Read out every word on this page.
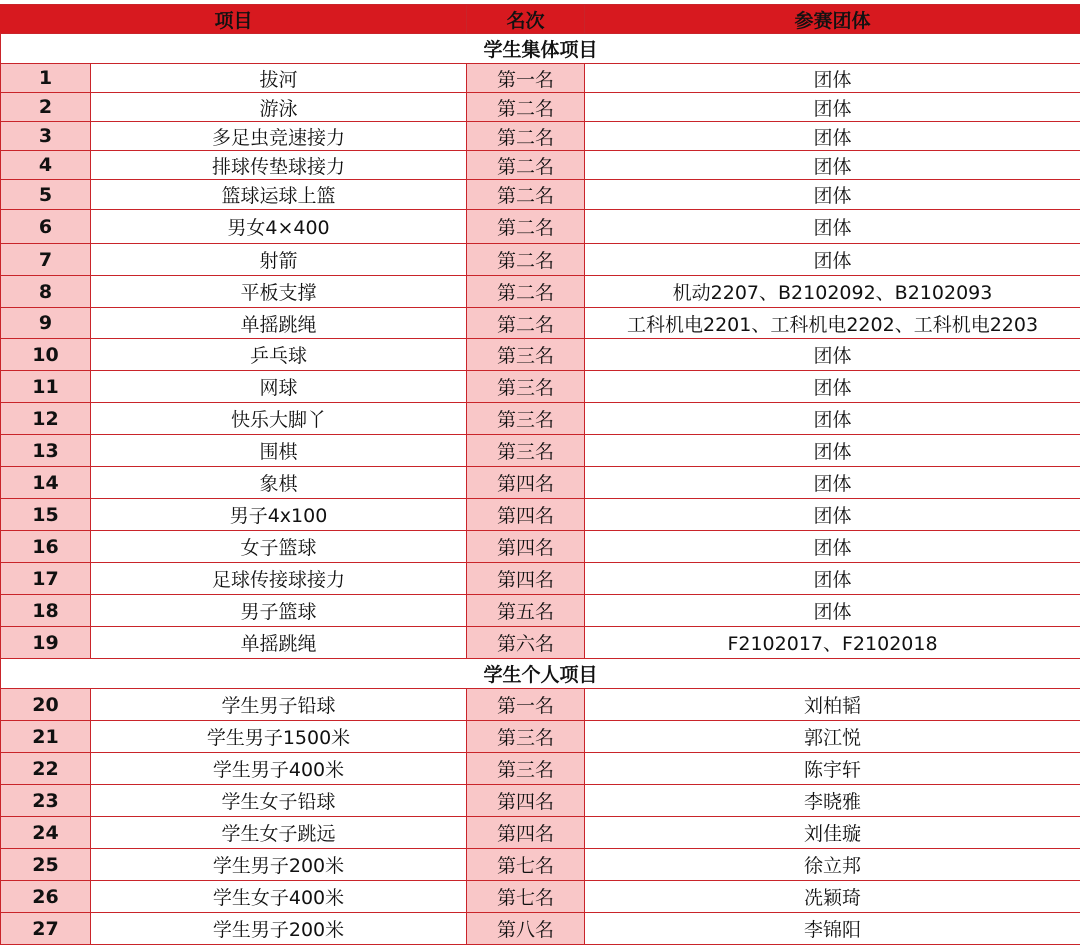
项目		名次	参赛团体
学生集体项目			
1	拔河	第一名	团体
2	游泳	第二名	团体
3	多足虫竞速接力	第二名	团体
4	排球传垫球接力	第二名	团体
5	篮球运球上篮	第二名	团体
6	男女4×400	第二名	团体
7	射箭	第二名	团体
8	平板支撑	第二名	机动2207、B2102092、B2102093
9	单摇跳绳	第二名	工科机电2201、工科机电2202、工科机电2203
10	乒乓球	第三名	团体
11	网球	第三名	团体
12	快乐大脚丫	第三名	团体
13	围棋	第三名	团体
14	象棋	第四名	团体
15	男子4x100	第四名	团体
16	女子篮球	第四名	团体
17	足球传接球接力	第四名	团体
18	男子篮球	第五名	团体
19	单摇跳绳	第六名	F2102017、F2102018
学生个人项目			
20	学生男子铅球	第一名	刘柏韬
21	学生男子1500米	第三名	郭江悦
22	学生男子400米	第三名	陈宇轩
23	学生女子铅球	第四名	李晓雅
24	学生女子跳远	第四名	刘佳璇
25	学生男子200米	第七名	徐立邦
26	学生女子400米	第七名	冼颖琦
27	学生男子200米	第八名	李锦阳
